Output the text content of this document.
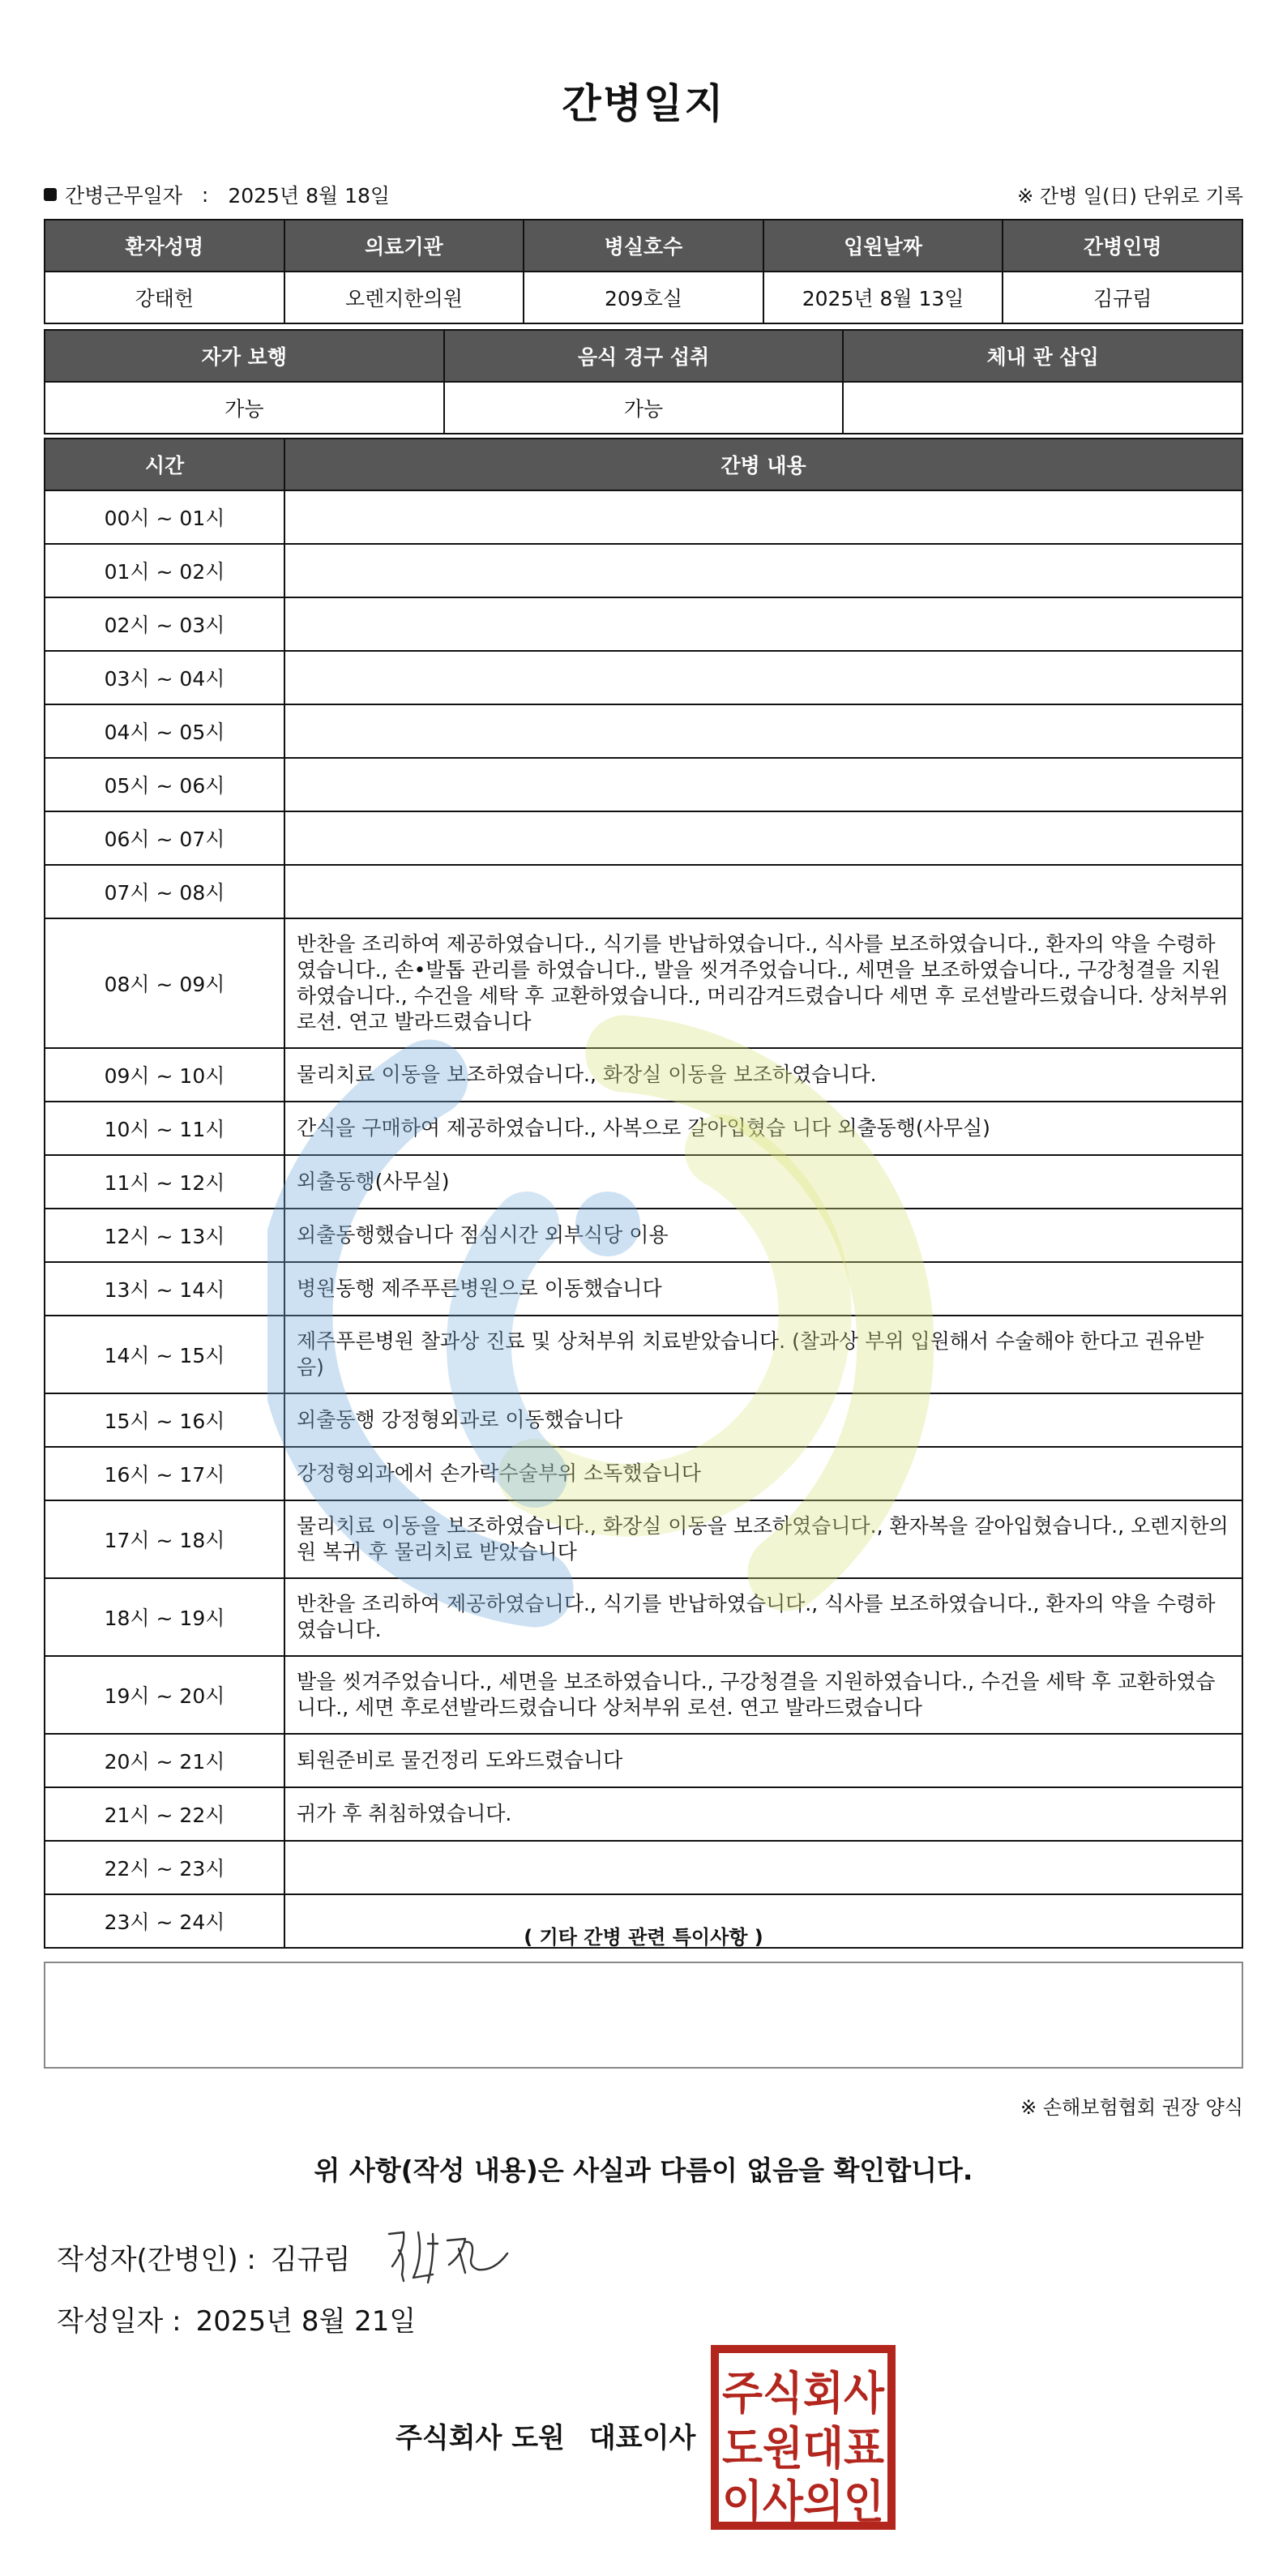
간병일지
간병근무일자 : 2025년 8월 18일	※ 간병 일(日) 단위로 기록
환자성명	의료기관	병실호수	입원날짜	간병인명
강태헌	오렌지한의원	209호실	2025년 8월 13일	김규림
자가 보행	음식 경구 섭취	체내 관 삽입
가능	가능	
시간	간병 내용
00시 ~ 01시	
01시 ~ 02시	
02시 ~ 03시	
03시 ~ 04시	
04시 ~ 05시	
05시 ~ 06시	
06시 ~ 07시	
07시 ~ 08시	
08시 ~ 09시	반찬을 조리하여 제공하였습니다., 식기를 반납하였습니다., 식사를 보조하였습니다., 환자의 약을 수령하였습니다., 손•발톱 관리를 하였습니다., 발을 씻겨주었습니다., 세면을 보조하였습니다., 구강청결을 지원하였습니다., 수건을 세탁 후 교환하였습니다., 머리감겨드렸습니다 세면 후 로션발라드렸습니다. 상처부위 로션. 연고 발라드렸습니다
09시 ~ 10시	물리치료 이동을 보조하였습니다., 화장실 이동을 보조하였습니다.
10시 ~ 11시	간식을 구매하여 제공하였습니다., 사복으로 갈아입혔습 니다 외출동행(사무실)
11시 ~ 12시	외출동행(사무실)
12시 ~ 13시	외출동행했습니다 점심시간 외부식당 이용
13시 ~ 14시	병원동행 제주푸른병원으로 이동했습니다
14시 ~ 15시	제주푸른병원 찰과상 진료 및 상처부위 치료받았습니다. (찰과상 부위 입원해서 수술해야 한다고 권유받음)
15시 ~ 16시	외출동행 강정형외과로 이동했습니다
16시 ~ 17시	강정형외과에서 손가락수술부위 소독했습니다
17시 ~ 18시	물리치료 이동을 보조하였습니다., 화장실 이동을 보조하였습니다., 환자복을 갈아입혔습니다., 오렌지한의원 복귀 후 물리치료 받았습니다
18시 ~ 19시	반찬을 조리하여 제공하였습니다., 식기를 반납하였습니다., 식사를 보조하였습니다., 환자의 약을 수령하였습니다.
19시 ~ 20시	발을 씻겨주었습니다., 세면을 보조하였습니다., 구강청결을 지원하였습니다., 수건을 세탁 후 교환하였습니다., 세면 후로션발라드렸습니다 상처부위 로션. 연고 발라드렸습니다
20시 ~ 21시	퇴원준비로 물건정리 도와드렸습니다
21시 ~ 22시	귀가 후 취침하였습니다.
22시 ~ 23시	
23시 ~ 24시	
( 기타 간병 관련 특이사항 )
※ 손해보험협회 권장 양식
위 사항(작성 내용)은 사실과 다름이 없음을 확인합니다.
작성자(간병인) : 김규림
작성일자 : 2025년 8월 21일
주식회사 도원 대표이사
주식회사
도원대표
이사의인
